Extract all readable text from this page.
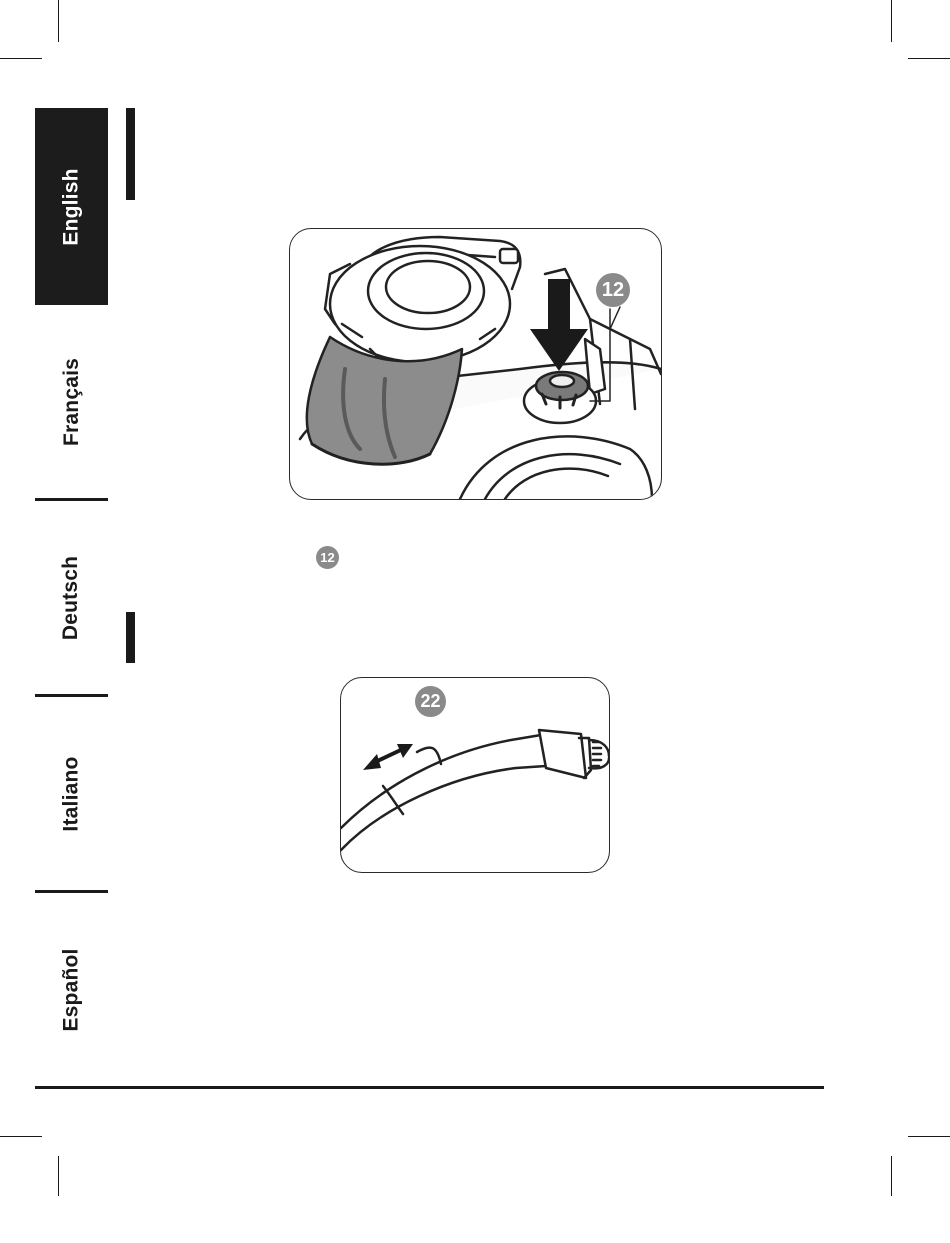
English
Français
Deutsch
Italiano
Español
12
12
22
